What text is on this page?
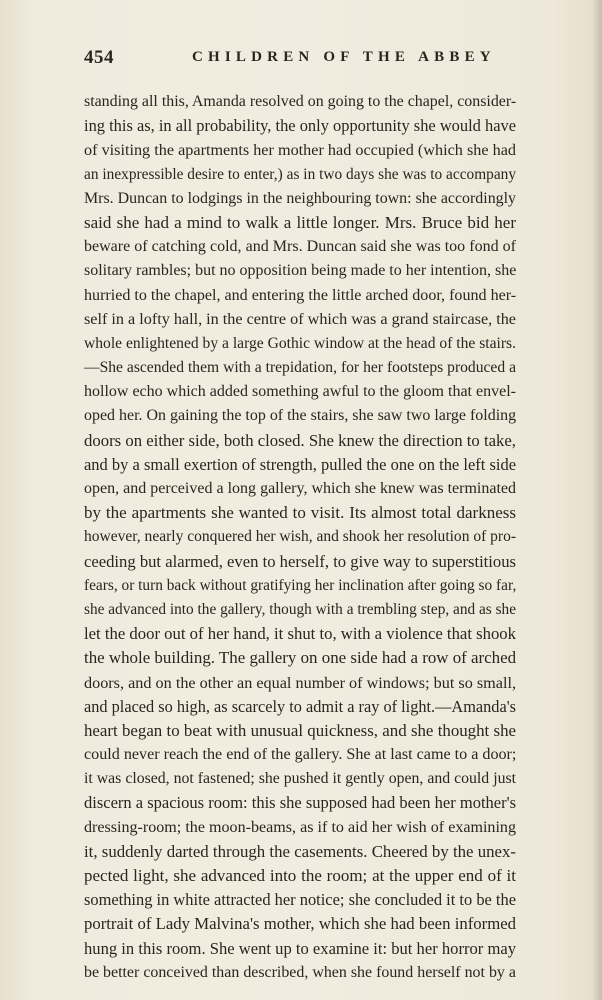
454	CHILDREN OF THE ABBEY
standing all this, Amanda resolved on going to the chapel, consider-
ing this as, in all probability, the only opportunity she would have
of visiting the apartments her mother had occupied (which she had
an inexpressible desire to enter,) as in two days she was to accompany
Mrs. Duncan to lodgings in the neighbouring town: she accordingly
said she had a mind to walk a little longer. Mrs. Bruce bid her
beware of catching cold, and Mrs. Duncan said she was too fond of
solitary rambles; but no opposition being made to her intention, she
hurried to the chapel, and entering the little arched door, found her-
self in a lofty hall, in the centre of which was a grand staircase, the
whole enlightened by a large Gothic window at the head of the stairs.
—She ascended them with a trepidation, for her footsteps produced a
hollow echo which added something awful to the gloom that envel-
oped her. On gaining the top of the stairs, she saw two large folding
doors on either side, both closed. She knew the direction to take,
and by a small exertion of strength, pulled the one on the left side
open, and perceived a long gallery, which she knew was terminated
by the apartments she wanted to visit. Its almost total darkness
however, nearly conquered her wish, and shook her resolution of pro-
ceeding but alarmed, even to herself, to give way to superstitious
fears, or turn back without gratifying her inclination after going so far,
she advanced into the gallery, though with a trembling step, and as she
let the door out of her hand, it shut to, with a violence that shook
the whole building. The gallery on one side had a row of arched
doors, and on the other an equal number of windows; but so small,
and placed so high, as scarcely to admit a ray of light.—Amanda's
heart began to beat with unusual quickness, and she thought she
could never reach the end of the gallery. She at last came to a door;
it was closed, not fastened; she pushed it gently open, and could just
discern a spacious room: this she supposed had been her mother's
dressing-room; the moon-beams, as if to aid her wish of examining
it, suddenly darted through the casements. Cheered by the unex-
pected light, she advanced into the room; at the upper end of it
something in white attracted her notice; she concluded it to be the
portrait of Lady Malvina's mother, which she had been informed
hung in this room. She went up to examine it: but her horror may
be better conceived than described, when she found herself not by a
